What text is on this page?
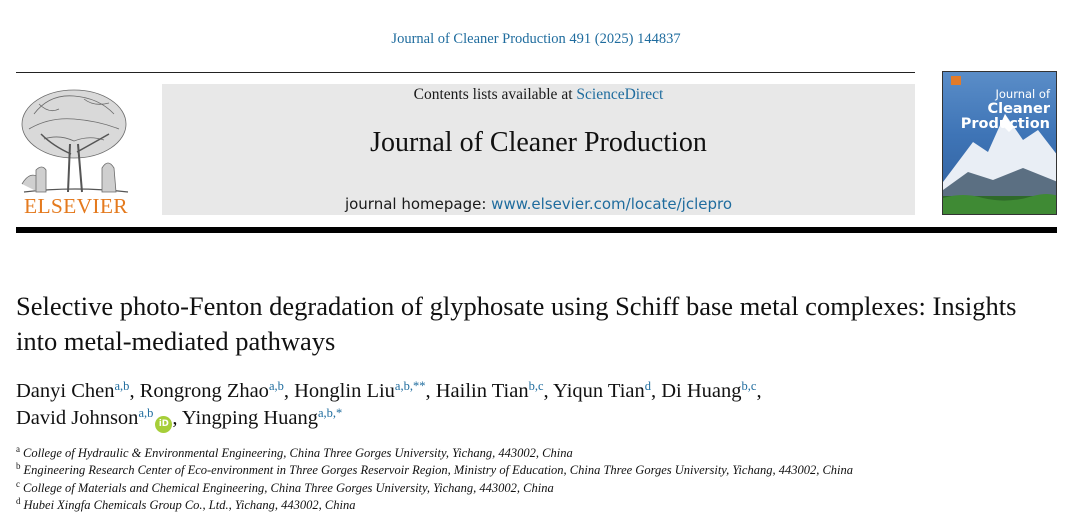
Journal of Cleaner Production 491 (2025) 144837
ELSEVIER
Contents lists available at ScienceDirect
Journal of Cleaner Production
journal homepage: www.elsevier.com/locate/jclepro
Journal of
Cleaner
Production
Selective photo-Fenton degradation of glyphosate using Schiff base metal complexes: Insights into metal-mediated pathways
Danyi Chen$^{a,b}$, Rongrong Zhao$^{a,b}$, Honglin Liu$^{a,b,**}$, Hailin Tian$^{b,c}$, Yiqun Tian$^d$, Di Huang$^{b,c}$,
David Johnson$^{a,b}$iD , Yingping Huang$^{a,b,*}$
$^a$ College of Hydraulic & Environmental Engineering, China Three Gorges University, Yichang, 443002, China
$^b$ Engineering Research Center of Eco-environment in Three Gorges Reservoir Region, Ministry of Education, China Three Gorges University, Yichang, 443002, China
$^c$ College of Materials and Chemical Engineering, China Three Gorges University, Yichang, 443002, China
$^d$ Hubei Xingfa Chemicals Group Co., Ltd., Yichang, 443002, China
